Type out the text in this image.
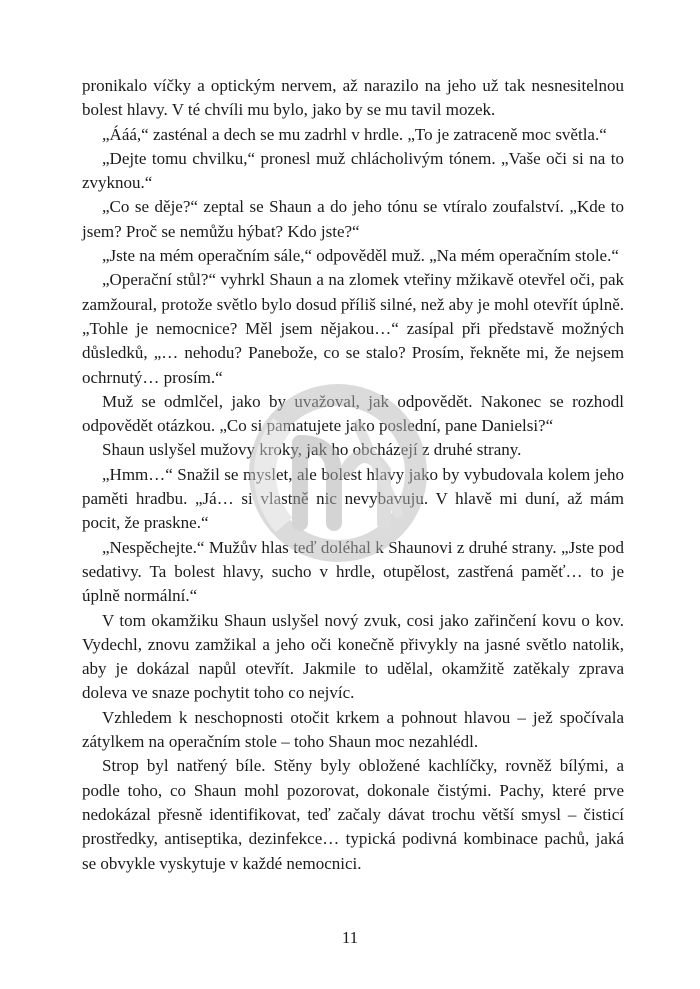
pronikalo víčky a optickým nervem, až narazilo na jeho už tak nesnesitelnou bolest hlavy. V té chvíli mu bylo, jako by se mu tavil mozek.

„Ááá,“ zasténal a dech se mu zadrhl v hrdle. „To je zatraceně moc světla.“

„Dejte tomu chvilku,“ pronesl muž chlácholivým tónem. „Vaše oči si na to zvyknou.“

„Co se děje?“ zeptal se Shaun a do jeho tónu se vtíralo zoufalství. „Kde to jsem? Proč se nemůžu hýbat? Kdo jste?“

„Jste na mém operačním sále,“ odpověděl muž. „Na mém operačním stole.“

„Operační stůl?“ vyhrkl Shaun a na zlomek vteřiny mžikavě otevřel oči, pak zamžoural, protože světlo bylo dosud příliš silné, než aby je mohl otevřít úplně. „Tohle je nemocnice? Měl jsem nějakou…“ zasípal při představě možných důsledků, „… nehodu? Panebože, co se stalo? Prosím, řekněte mi, že nejsem ochrnutý… prosím.“

Muž se odmlčel, jako by uvažoval, jak odpovědět. Nakonec se rozhodl odpovědět otázkou. „Co si pamatujete jako poslední, pane Danielsi?“

Shaun uslyšel mužovy kroky, jak ho obcházejí z druhé strany.

„Hmm…“ Snažil se myslet, ale bolest hlavy jako by vybudovala kolem jeho paměti hradbu. „Já… si vlastně nic nevybavuju. V hlavě mi duní, až mám pocit, že praskne.“

„Nespěchejte.“ Mužův hlas teď doléhal k Shaunovi z druhé strany. „Jste pod sedativy. Ta bolest hlavy, sucho v hrdle, otupělost, zastřená paměť… to je úplně normální.“

V tom okamžiku Shaun uslyšel nový zvuk, cosi jako zařinčení kovu o kov. Vydechl, znovu zamžikal a jeho oči konečně přivykly na jasné světlo natolik, aby je dokázal napůl otevřít. Jakmile to udělal, okamžitě zatěkaly zprava doleva ve snaze pochytit toho co nejvíc.

Vzhledem k neschopnosti otočit krkem a pohnout hlavou – jež spočívala zátylkem na operačním stole – toho Shaun moc nezahlédl.

Strop byl natřený bíle. Stěny byly obložené kachlíčky, rovněž bílými, a podle toho, co Shaun mohl pozorovat, dokonale čistými. Pachy, které prve nedokázal přesně identifikovat, teď začaly dávat trochu větší smysl – čisticí prostředky, antiseptika, dezinfekce… typická podivná kombinace pachů, jaká se obvykle vyskytuje v každé nemocnici.

11
